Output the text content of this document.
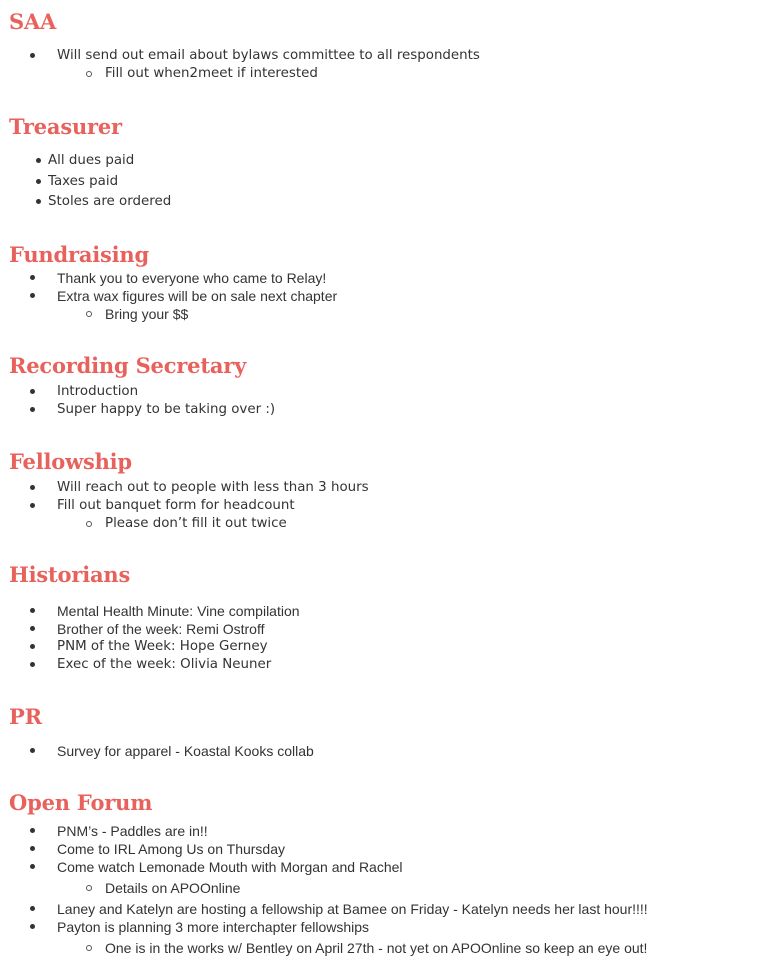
SAA
Will send out email about bylaws committee to all respondents
Fill out when2meet if interested
Treasurer
All dues paid
Taxes paid
Stoles are ordered
Fundraising
Thank you to everyone who came to Relay!
Extra wax figures will be on sale next chapter
Bring your $$
Recording Secretary
Introduction
Super happy to be taking over :)
Fellowship
Will reach out to people with less than 3 hours
Fill out banquet form for headcount
Please don’t fill it out twice
Historians
Mental Health Minute: Vine compilation
Brother of the week: Remi Ostroff
PNM of the Week: Hope Gerney
Exec of the week: Olivia Neuner
PR
Survey for apparel - Koastal Kooks collab
Open Forum
PNM’s - Paddles are in!!
Come to IRL Among Us on Thursday
Come watch Lemonade Mouth with Morgan and Rachel
Details on APOOnline
Laney and Katelyn are hosting a fellowship at Bamee on Friday - Katelyn needs her last hour!!!!
Payton is planning 3 more interchapter fellowships
One is in the works w/ Bentley on April 27th - not yet on APOOnline so keep an eye out!
